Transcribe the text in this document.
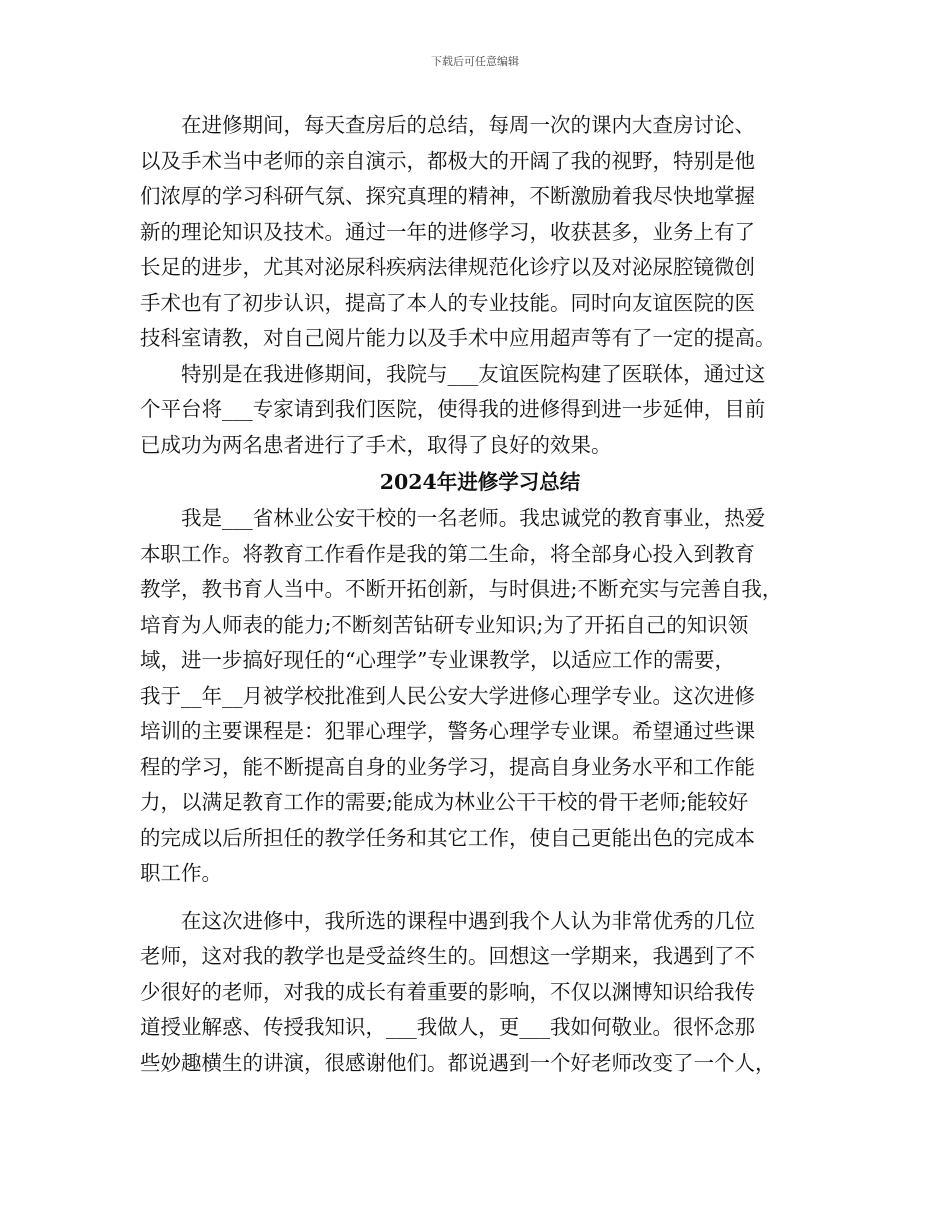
下载后可任意编辑
　　在进修期间，每天查房后的总结，每周一次的课内大查房讨论、
以及手术当中老师的亲自演示，都极大的开阔了我的视野，特别是他
们浓厚的学习科研气氛、探究真理的精神，不断激励着我尽快地掌握
新的理论知识及技术。通过一年的进修学习，收获甚多，业务上有了
长足的进步，尤其对泌尿科疾病法律规范化诊疗以及对泌尿腔镜微创
手术也有了初步认识，提高了本人的专业技能。同时向友谊医院的医
技科室请教，对自己阅片能力以及手术中应用超声等有了一定的提高。
　　特别是在我进修期间，我院与___友谊医院构建了医联体，通过这
个平台将___专家请到我们医院，使得我的进修得到进一步延伸，目前
已成功为两名患者进行了手术，取得了良好的效果。
2024年进修学习总结
　　我是___省林业公安干校的一名老师。我忠诚党的教育事业，热爱
本职工作。将教育工作看作是我的第二生命，将全部身心投入到教育
教学，教书育人当中。不断开拓创新，与时俱进;不断充实与完善自我，
培育为人师表的能力;不断刻苦钻研专业知识;为了开拓自己的知识领
域，进一步搞好现任的“心理学”专业课教学，以适应工作的需要，
我于__年__月被学校批准到人民公安大学进修心理学专业。这次进修
培训的主要课程是：犯罪心理学，警务心理学专业课。希望通过些课
程的学习，能不断提高自身的业务学习，提高自身业务水平和工作能
力，以满足教育工作的需要;能成为林业公干干校的骨干老师;能较好
的完成以后所担任的教学任务和其它工作，使自己更能出色的完成本
职工作。
　　在这次进修中，我所选的课程中遇到我个人认为非常优秀的几位
老师，这对我的教学也是受益终生的。回想这一学期来，我遇到了不
少很好的老师，对我的成长有着重要的影响，不仅以渊博知识给我传
道授业解惑、传授我知识，___我做人，更___我如何敬业。很怀念那
些妙趣横生的讲演，很感谢他们。都说遇到一个好老师改变了一个人，
